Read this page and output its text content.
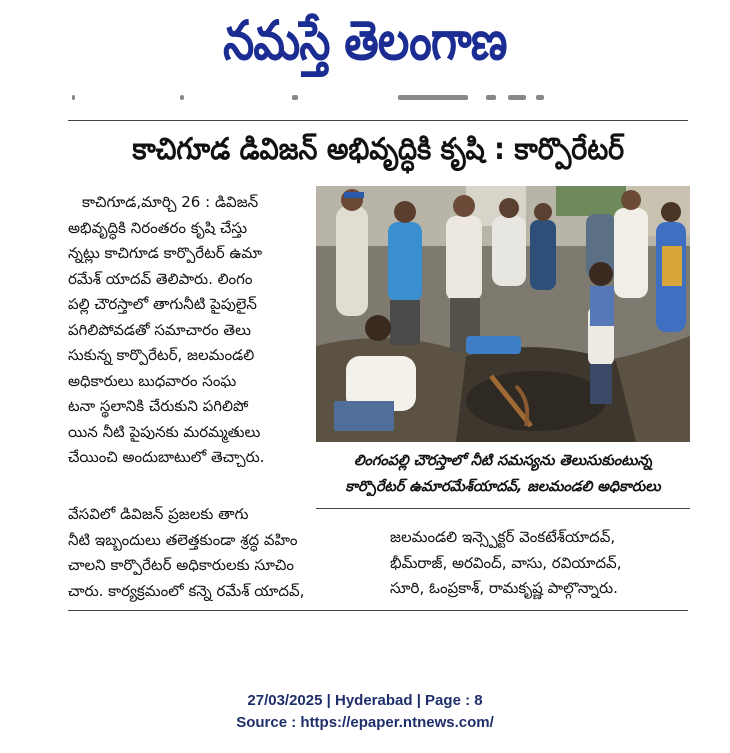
నమస్తే తెలంగాణ
కాచిగూడ డివిజన్ అభివృద్ధికి కృషి : కార్పొరేటర్

కాచిగూడ,మార్చి 26 : డివిజన్

అభివృద్ధికి నిరంతరం కృషి చేస్తు
న్నట్లు కాచిగూడ కార్పొరేటర్ ఉమా
రమేశ్ యాదవ్ తెలిపారు. లింగం
పల్లి చౌరస్తాలో తాగునీటి పైపులైన్
పగిలిపోవడతో సమాచారం తెలు
సుకున్న కార్పొరేటర్, జలమండలి
అధికారులు బుధవారం సంఘ
టనా స్థలానికి చేరుకుని పగిలిపో
యిన నీటి పైపునకు మరమ్మతులు
చేయించి అందుబాటులో తెచ్చారు.	లింగంపల్లి చౌరస్తాలో నీటి సమస్యను తెలుసుకుంటున్న
కార్పొరేటర్ ఉమారమేశ్‌యాదవ్, జలమండలి అధికారులు
వేసవిలో డివిజన్ ప్రజలకు తాగు
నీటి ఇబ్బందులు తలెత్తకుండా శ్రద్ధ వహిం
చాలని కార్పొరేటర్ అధికారులకు సూచిం
చారు. కార్యక్రమంలో కన్నె రమేశ్ యాదవ్,
జలమండలి ఇన్స్పెక్టర్ వెంకటేశ్‌యాదవ్,
భీమ్‌రాజ్, అరవింద్, వాసు, రవియాదవ్,
సూరి, ఓంప్రకాశ్, రామకృష్ణ పాల్గొన్నారు.
27/03/2025 | Hyderabad | Page : 8
Source : https://epaper.ntnews.com/
